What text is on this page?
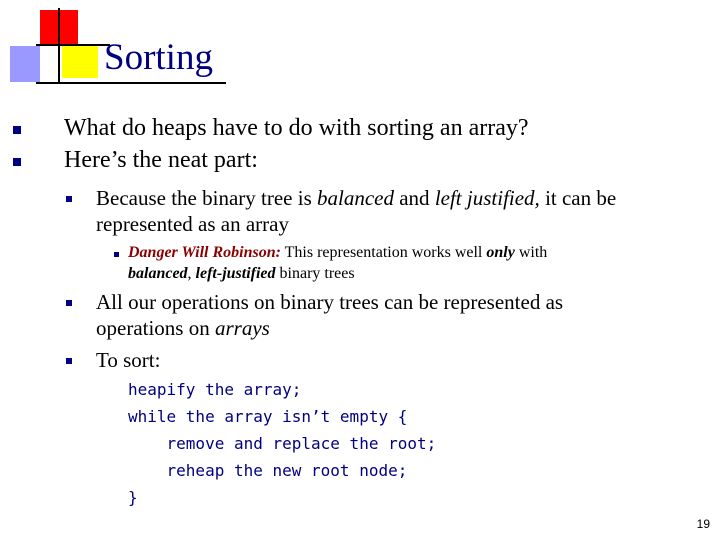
Sorting
What do heaps have to do with sorting an array?
Here’s the neat part:
Because the binary tree is balanced and left justified, it can be
represented as an array
Danger Will Robinson: This representation works well only with
balanced, left-justified binary trees
All our operations on binary trees can be represented as
operations on arrays
To sort:
heapify the array;
while the array isn’t empty {
remove and replace the root;
reheap the new root node;
}
19
